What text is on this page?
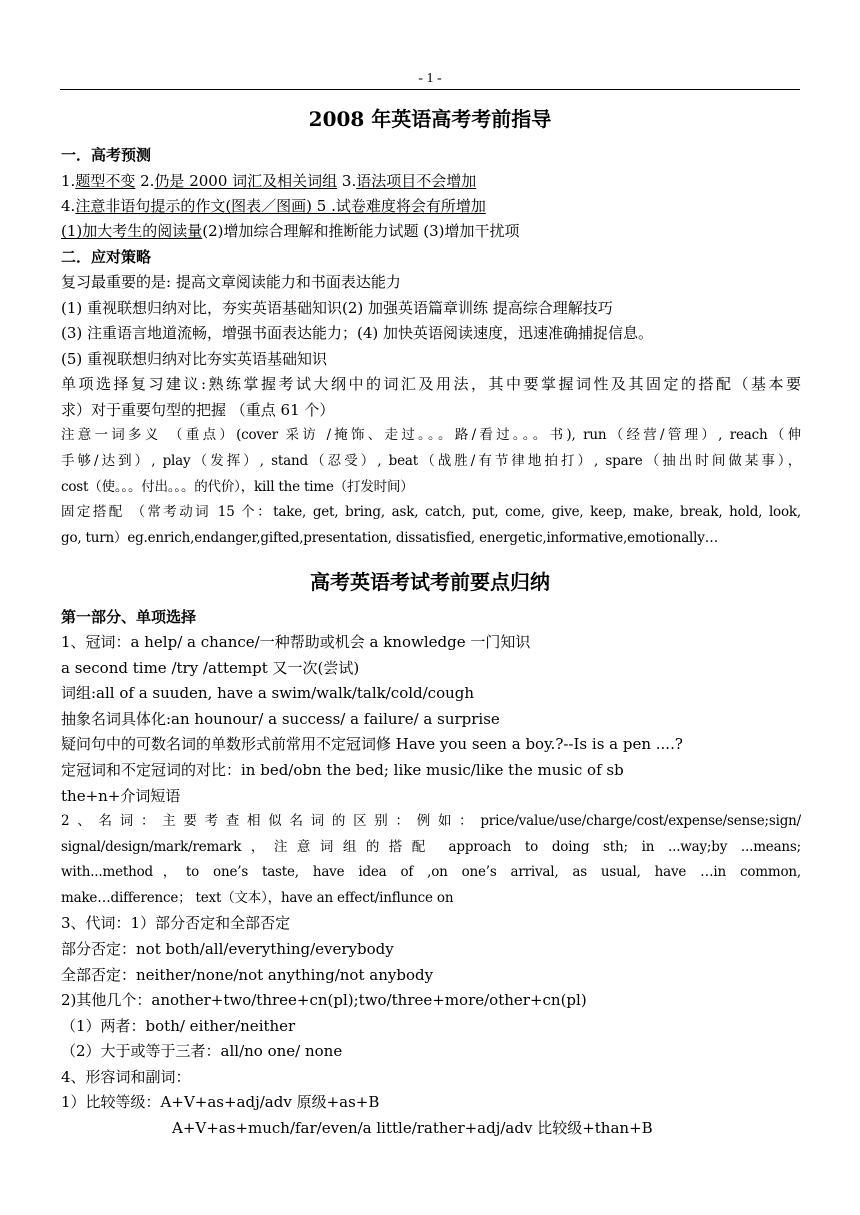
- 1 -
2008 年英语高考考前指导
一．高考预测
1.题型不变 2.仍是 2000 词汇及相关词组 3.语法项目不会增加
4.注意非语句提示的作文(图表／图画) 5 .试卷难度将会有所增加
(1)加大考生的阅读量(2)增加综合理解和推断能力试题 (3)增加干扰项
二．应对策略
复习最重要的是: 提高文章阅读能力和书面表达能力
(1) 重视联想归纳对比，夯实英语基础知识(2) 加强英语篇章训练 提高综合理解技巧
(3) 注重语言地道流畅，增强书面表达能力；(4) 加快英语阅读速度，迅速准确捕捉信息。
(5) 重视联想归纳对比夯实英语基础知识
单项选择复习建议:熟练掌握考试大纲中的词汇及用法，其中要掌握词性及其固定的搭配（基本要
求）对于重要句型的把握 （重点 61 个）
注意一词多义 （重点）(cover 采访 /掩饰、走过。。。路/看过。。。书), run（经营/管理）, reach（伸
手够/达到）, play（发挥）, stand（忍受）, beat（战胜/有节律地拍打）, spare（抽出时间做某事），
cost（使。。。付出。。。的代价），kill the time（打发时间）
固定搭配 （常考动词 15 个：take, get, bring, ask, catch, put, come, give, keep, make, break, hold, look,
go, turn）eg.enrich,endanger,gifted,presentation, dissatisfied, energetic,informative,emotionally…
高考英语考试考前要点归纳
第一部分、单项选择
1、冠词：a help/ a chance/一种帮助或机会 a knowledge 一门知识
a second time /try /attempt 又一次(尝试)
词组:all of a suuden, have a swim/walk/talk/cold/cough
抽象名词具体化:an hounour/ a success/ a failure/ a surprise
疑问句中的可数名词的单数形式前常用不定冠词修 Have you seen a boy.?--Is is a pen ....?
定冠词和不定冠词的对比：in bed/obn the bed; like music/like the music of sb
the+n+介词短语
2、名词：主要考查相似名词的区别：例如：price/value/use/charge/cost/expense/sense;sign/
signal/design/mark/remark，注意词组的搭配 approach to doing sth; in ...way;by ...means;
with...method，to one’s taste, have idea of ,on one’s arrival, as usual, have …in common,
make…difference； text（文本），have an effect/influnce on
3、代词：1）部分否定和全部否定
部分否定：not both/all/everything/everybody
全部否定：neither/none/not anything/not anybody
2)其他几个：another+two/three+cn(pl);two/three+more/other+cn(pl)
（1）两者：both/ either/neither
（2）大于或等于三者：all/no one/ none
4、形容词和副词：
1）比较等级：A+V+as+adj/adv 原级+as+B
A+V+as+much/far/even/a little/rather+adj/adv 比较级+than+B
